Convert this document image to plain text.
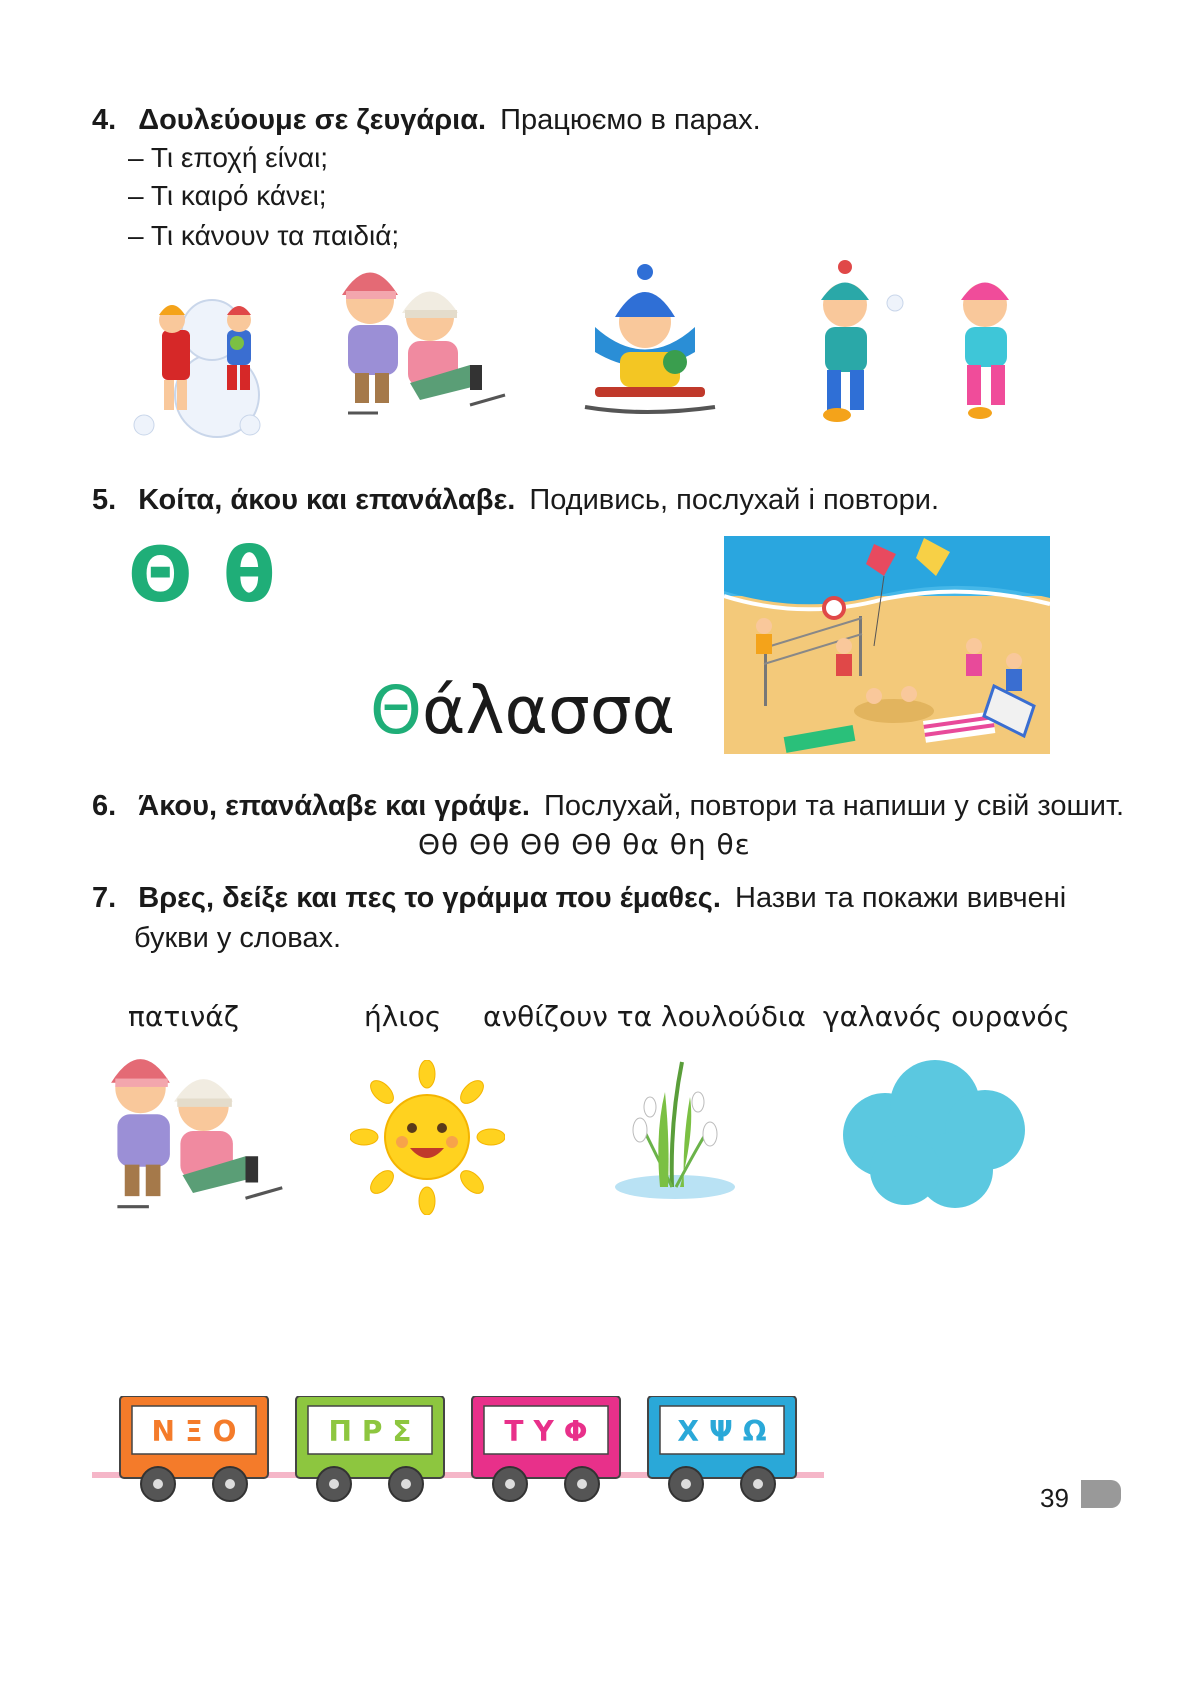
4. Δουλεύουμε σε ζευγάρια. Працюємо в парах.
– Τι εποχή είναι;
– Τι καιρό κάνει;
– Τι κάνουν τα παιδιά;
5. Κοίτα, άκου και επανάλαβε. Подивись, послухай і повтори.
Θ θ
Θάλασσα
6. Άκου, επανάλαβε και γράψε. Послухай, повтори та напиши у свій зошит.
Θθ Θθ Θθ Θθ θα θη θε
7. Βρες, δείξε και πες το γράμμα που έμαθες. Назви та покажи вивчені
букви у словах.
πατινάζ	ήλιος ανθίζουν τα λουλούδια γαλανός ουρανός
ΝΞΟ	ΠΡΣ	ΤΥΦ	ΧΨΩ
39
